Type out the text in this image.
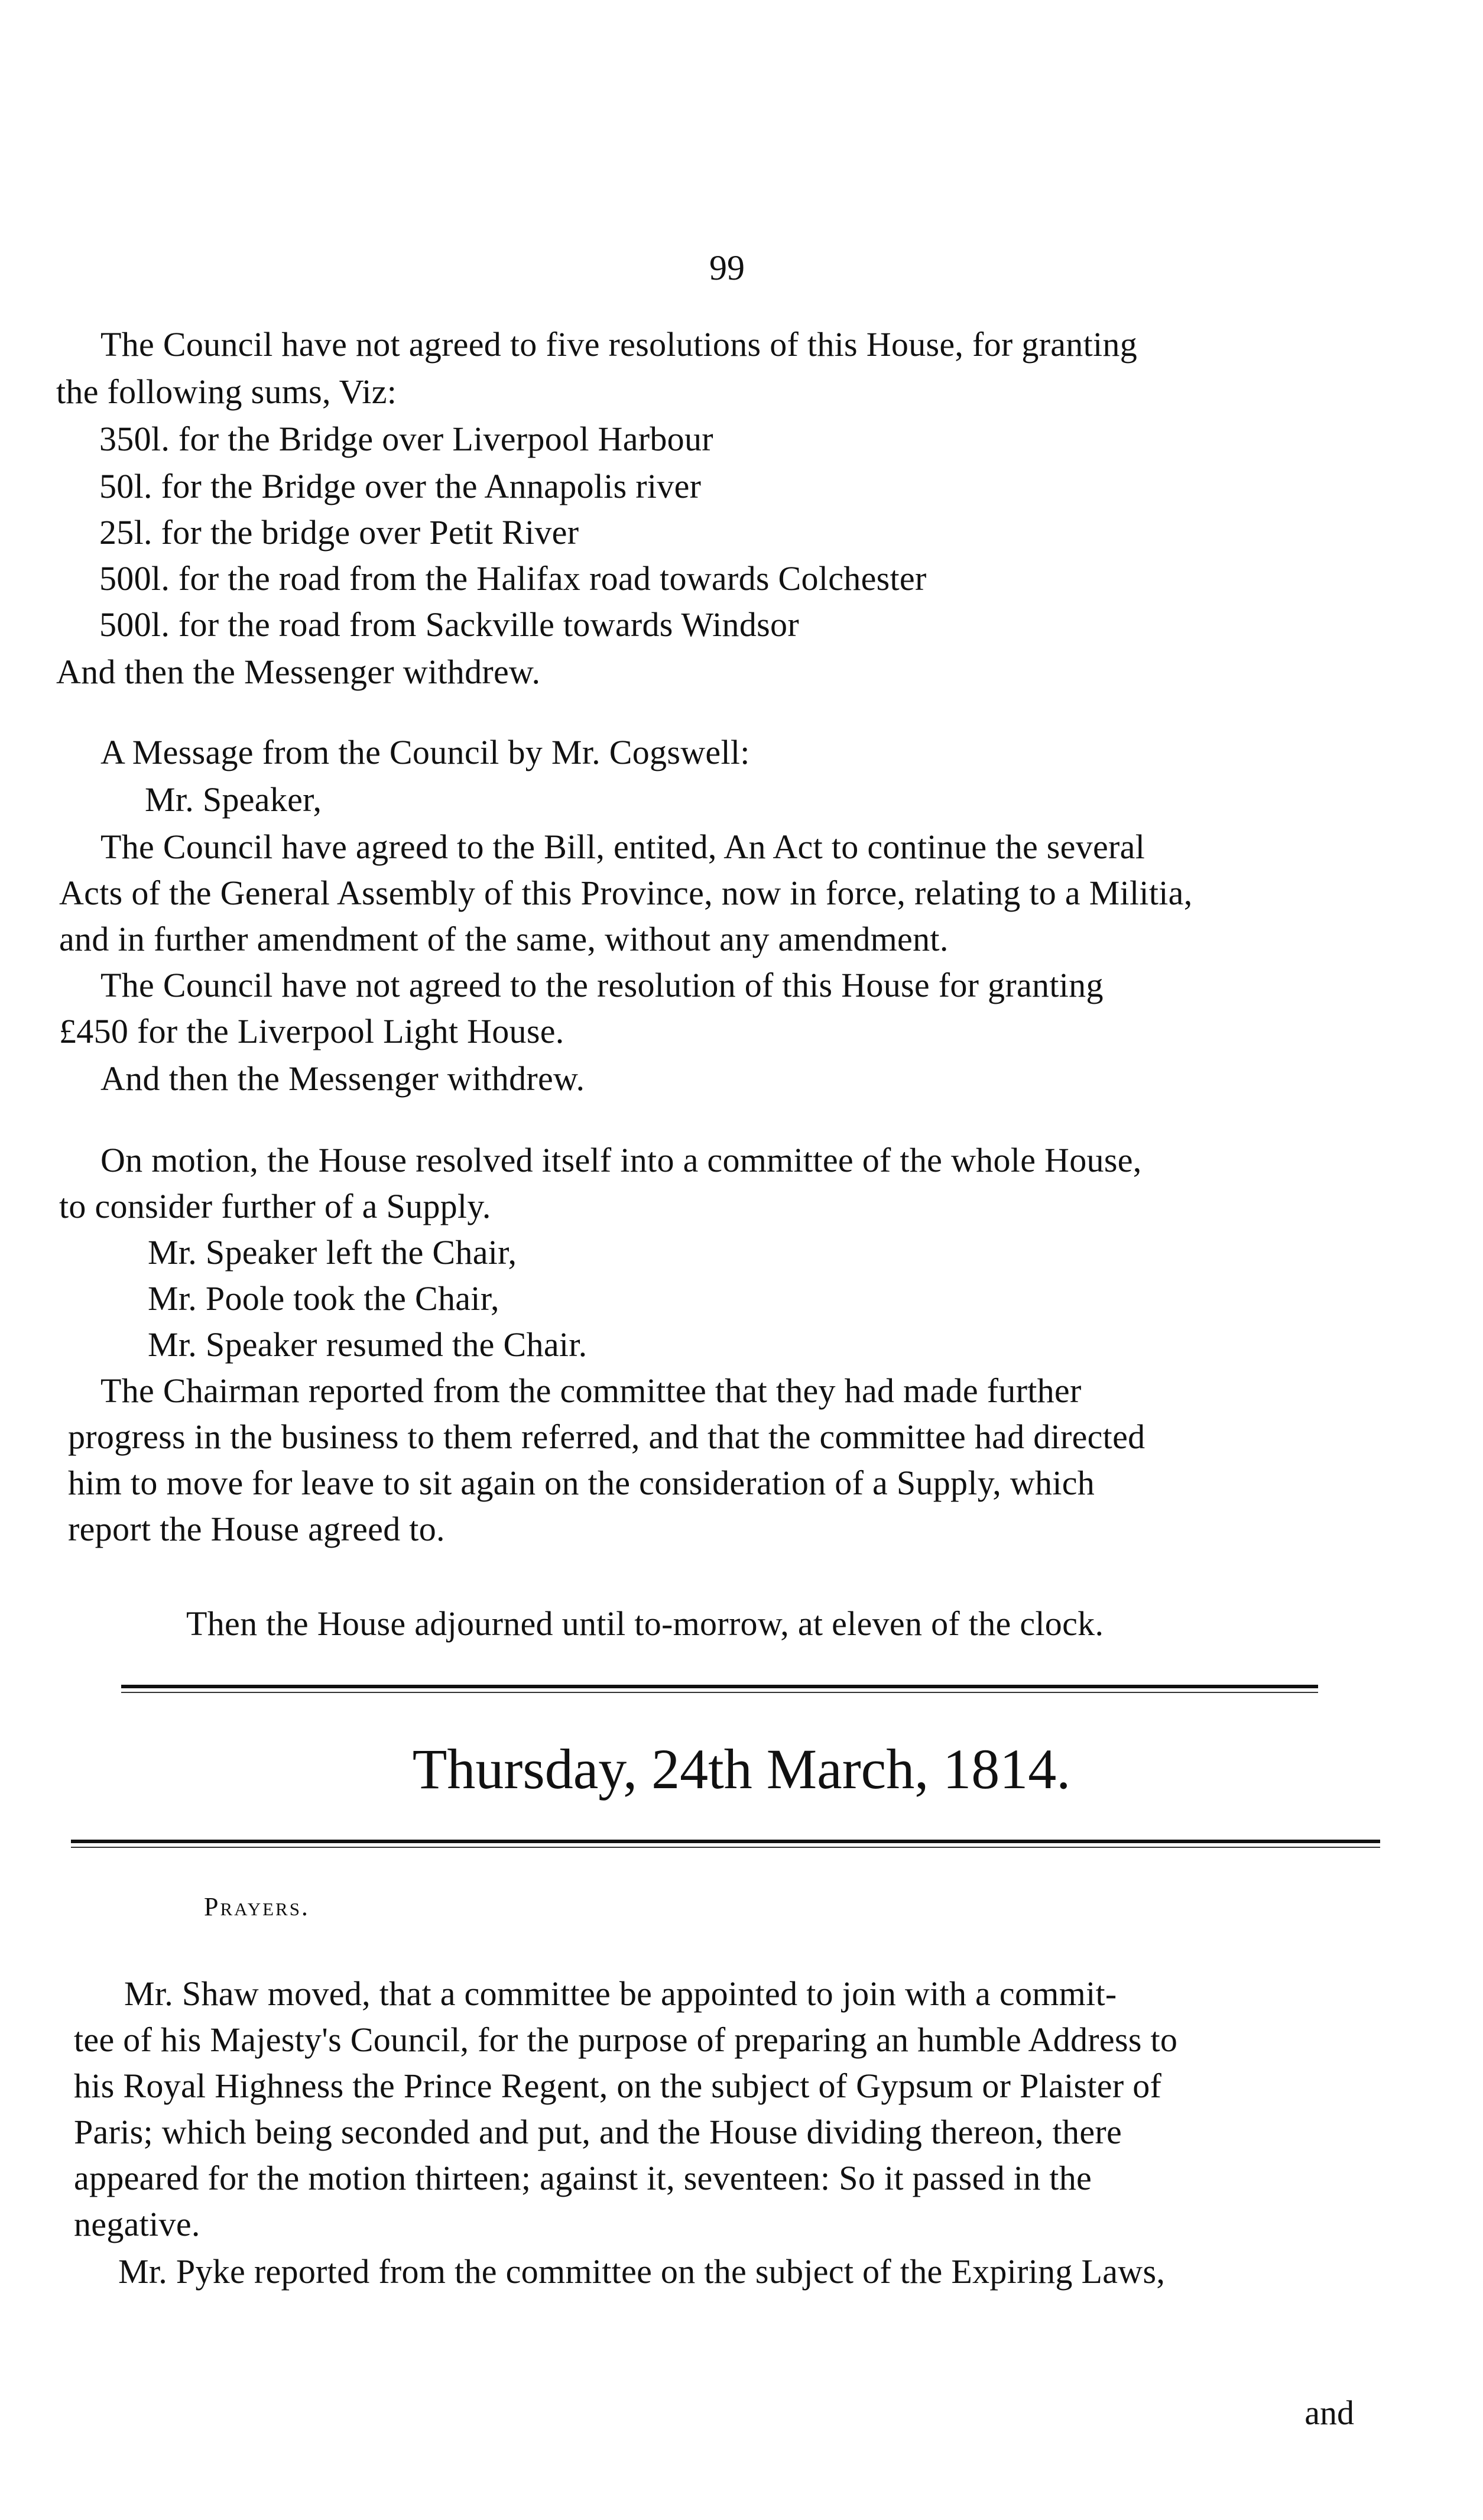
99
The Council have not agreed to five resolutions of this House, for granting
the following sums, Viz:
350l. for the Bridge over Liverpool Harbour
50l. for the Bridge over the Annapolis river
25l. for the bridge over Petit River
500l. for the road from the Halifax road towards Colchester
500l. for the road from Sackville towards Windsor
And then the Messenger withdrew.
A Message from the Council by Mr. Cogswell:
Mr. Speaker,
The Council have agreed to the Bill, entited, An Act to continue the several
Acts of the General Assembly of this Province, now in force, relating to a Militia,
and in further amendment of the same, without any amendment.
The Council have not agreed to the resolution of this House for granting
£450 for the Liverpool Light House.
And then the Messenger withdrew.
On motion, the House resolved itself into a committee of the whole House,
to consider further of a Supply.
Mr. Speaker left the Chair,
Mr. Poole took the Chair,
Mr. Speaker resumed the Chair.
The Chairman reported from the committee that they had made further
progress in the business to them referred, and that the committee had directed
him to move for leave to sit again on the consideration of a Supply, which
report the House agreed to.
Then the House adjourned until to-morrow, at eleven of the clock.
Thursday, 24th March, 1814.
Prayers.
Mr. Shaw moved, that a committee be appointed to join with a commit-
tee of his Majesty's Council, for the purpose of preparing an humble Address to
his Royal Highness the Prince Regent, on the subject of Gypsum or Plaister of
Paris; which being seconded and put, and the House dividing thereon, there
appeared for the motion thirteen; against it, seventeen: So it passed in the
negative.
Mr. Pyke reported from the committee on the subject of the Expiring Laws,
and
